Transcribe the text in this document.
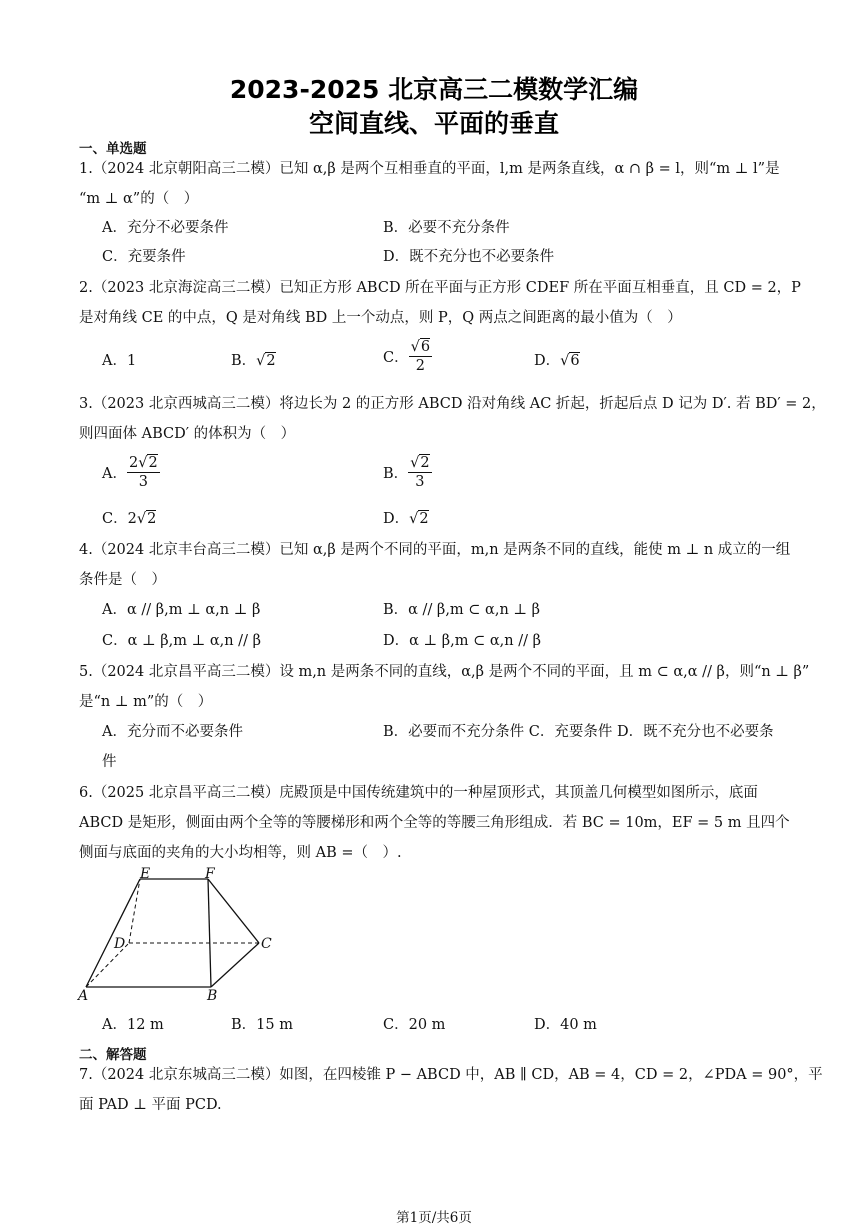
2023-2025 北京高三二模数学汇编
空间直线、平面的垂直
一、单选题
1.（2024 北京朝阳高三二模）已知 α,β 是两个互相垂直的平面，l,m 是两条直线，α ∩ β = l，则“m ⊥ l”是
“m ⊥ α”的（　）
A．充分不必要条件	B．必要不充分条件
C．充要条件	D．既不充分也不必要条件
2.（2023 北京海淀高三二模）已知正方形 ABCD 所在平面与正方形 CDEF 所在平面互相垂直，且 CD = 2，P
是对角线 CE 的中点，Q 是对角线 BD 上一个动点，则 P，Q 两点之间距离的最小值为（　）
A．1	B．√2	C． $\frac{√6}{2}$	D．√6
3.（2023 北京西城高三二模）将边长为 2 的正方形 ABCD 沿对角线 AC 折起，折起后点 D 记为 D′. 若 BD′ = 2，
则四面体 ABCD′ 的体积为（　）
A． $\frac{2√2}{3}$	B． $\frac{√2}{3}$
C．2√2	D．√2
4.（2024 北京丰台高三二模）已知 α,β 是两个不同的平面，m,n 是两条不同的直线，能使 m ⊥ n 成立的一组
条件是（　）
A．α // β,m ⊥ α,n ⊥ β	B．α // β,m ⊂ α,n ⊥ β
C．α ⊥ β,m ⊥ α,n // β	D．α ⊥ β,m ⊂ α,n // β
5.（2024 北京昌平高三二模）设 m,n 是两条不同的直线，α,β 是两个不同的平面，且 m ⊂ α,α // β，则“n ⊥ β”
是“n ⊥ m”的（　）
A．充分而不必要条件	B．必要而不充分条件 C．充要条件 D．既不充分也不必要条
件
6.（2025 北京昌平高三二模）庑殿顶是中国传统建筑中的一种屋顶形式，其顶盖几何模型如图所示，底面
ABCD 是矩形，侧面由两个全等的等腰梯形和两个全等的等腰三角形组成．若 BC = 10m，EF = 5 m 且四个
侧面与底面的夹角的大小均相等，则 AB =（　）.
E	F
D	C
A	B
A．12 m	B．15 m	C．20 m	D．40 m
二、解答题
7.（2024 北京东城高三二模）如图，在四棱锥 P − ABCD 中，AB ∥ CD，AB = 4，CD = 2，∠PDA = 90°，平
面 PAD ⊥ 平面 PCD.
第1页/共6页
